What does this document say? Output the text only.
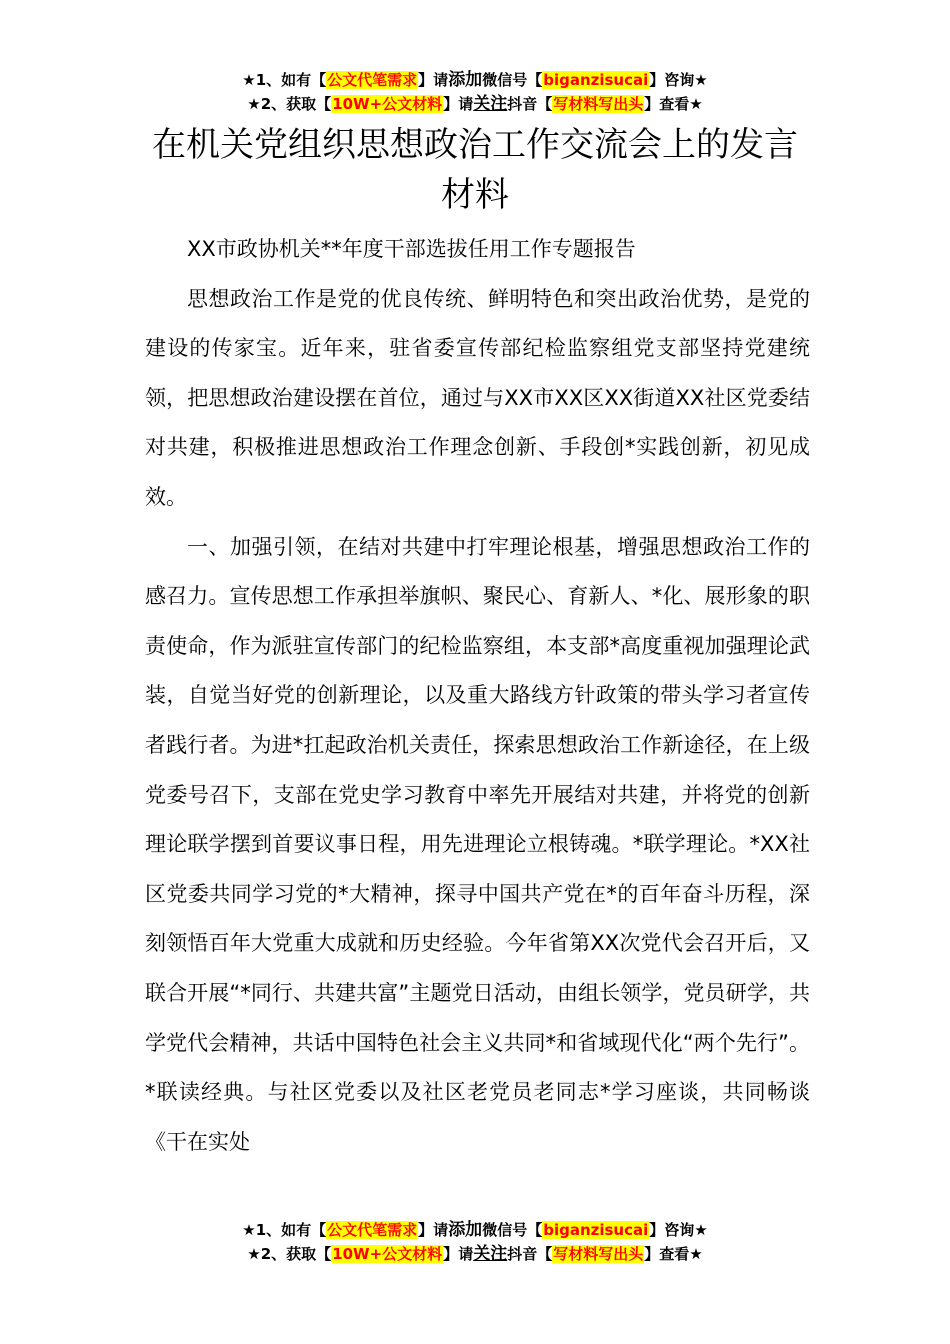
★1、如有【公文代笔需求】请添加微信号【biganzisucai】咨询★
★2、获取【10W+公文材料】请关注抖音【写材料写出头】查看★
在机关党组织思想政治工作交流会上的发言材料

XX市政协机关**年度干部选拔任用工作专题报告

思想政治工作是党的优良传统、鲜明特色和突出政治优势，是党的建设的传家宝。近年来，驻省委宣传部纪检监察组党支部坚持党建统领，把思想政治建设摆在首位，通过与XX市XX区XX街道XX社区党委结对共建，积极推进思想政治工作理念创新、手段创*实践创新，初见成效。

一、加强引领，在结对共建中打牢理论根基，增强思想政治工作的感召力。宣传思想工作承担举旗帜、聚民心、育新人、*化、展形象的职责使命，作为派驻宣传部门的纪检监察组，本支部*高度重视加强理论武装，自觉当好党的创新理论，以及重大路线方针政策的带头学习者宣传者践行者。为进*扛起政治机关责任，探索思想政治工作新途径，在上级党委号召下，支部在党史学习教育中率先开展结对共建，并将党的创新理论联学摆到首要议事日程，用先进理论立根铸魂。*联学理论。*XX社区党委共同学习党的*大精神，探寻中国共产党在*的百年奋斗历程，深刻领悟百年大党重大成就和历史经验。今年省第XX次党代会召开后，又联合开展“*同行、共建共富”主题党日活动，由组长领学，党员研学，共学党代会精神，共话中国特色社会主义共同*和省域现代化“两个先行”。*联读经典。与社区党委以及社区老党员老同志*学习座谈，共同畅谈《干在实处

★1、如有【公文代笔需求】请添加微信号【biganzisucai】咨询★
★2、获取【10W+公文材料】请关注抖音【写材料写出头】查看★
